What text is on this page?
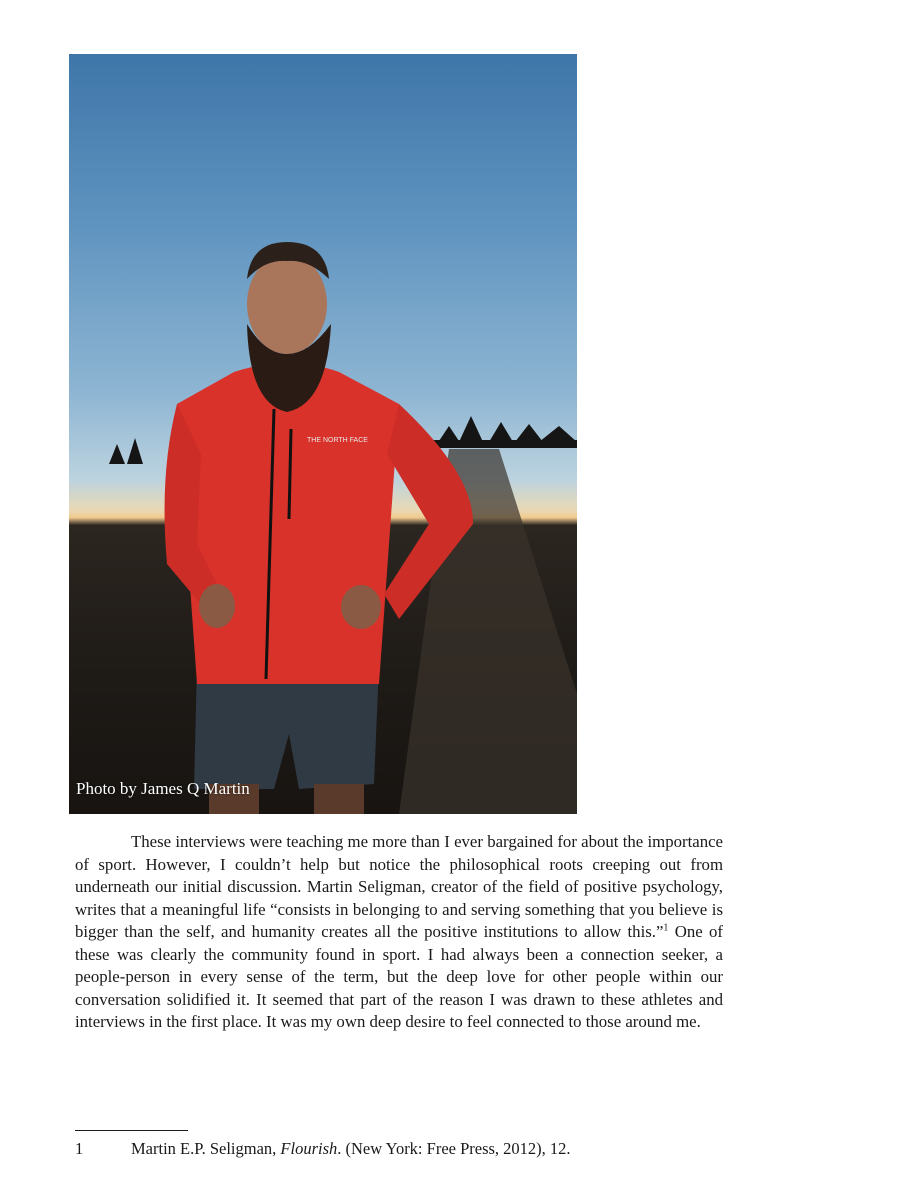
THE NORTH FACE
Photo by James Q Martin

These interviews were teaching me more than I ever bargained for about the importance of sport. However, I couldn’t help but notice the philosophical roots creeping out from underneath our initial discussion. Martin Seligman, creator of the field of positive psychology, writes that a meaningful life “consists in belonging to and serving something that you believe is bigger than the self, and humanity creates all the positive institutions to allow this.”$^1$ One of these was clearly the community found in sport. I had always been a connection seeker, a people-person in every sense of the term, but the deep love for other people within our conversation solidified it. It seemed that part of the reason I was drawn to these athletes and interviews in the first place. It was my own deep desire to feel connected to those around me.

1	Martin E.P. Seligman, Flourish. (New York: Free Press, 2012), 12.
